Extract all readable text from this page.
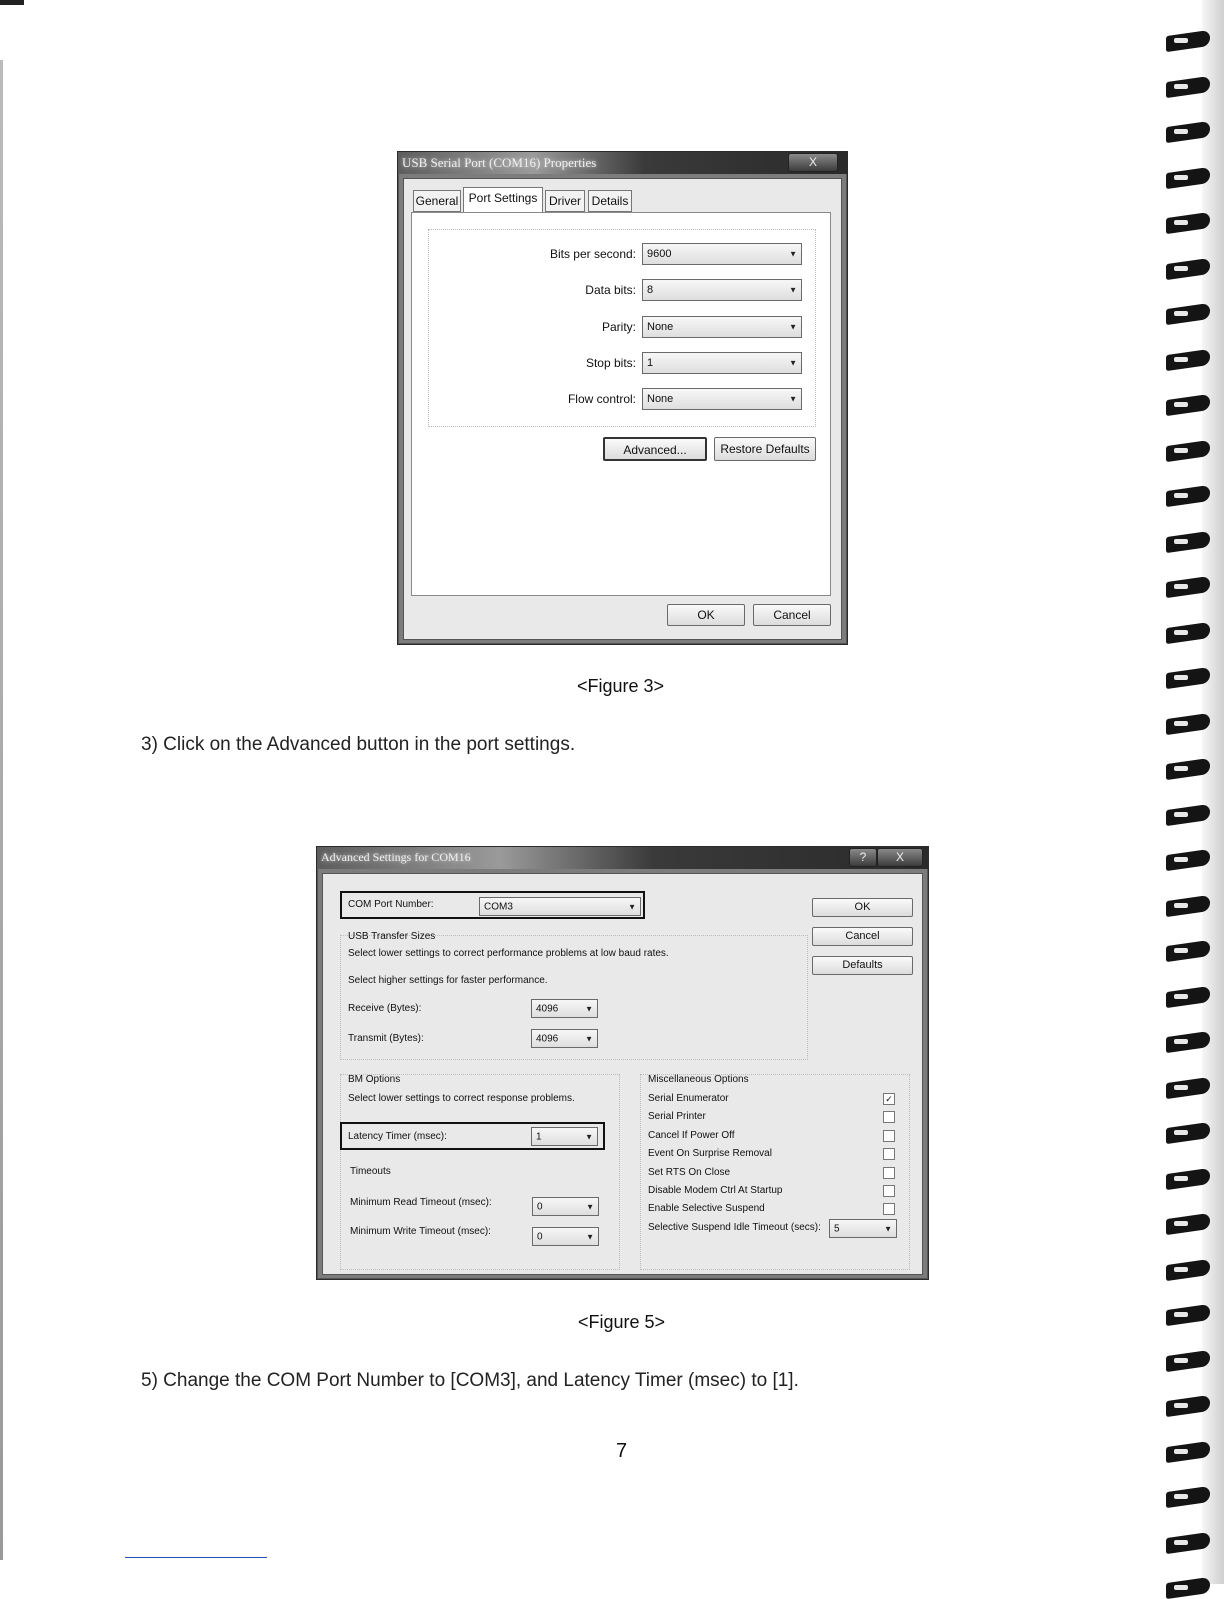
USB Serial Port (COM16) Properties	X
General Port Settings Driver Details
Bits per second: 9600	▼
Data bits: 8	▼
Parity: None	▼
Stop bits: 1	▼
Flow control: None	▼
Advanced...	Restore Defaults
OK	Cancel
<Figure 3>
3) Click on the Advanced button in the port settings.
Advanced Settings for COM16	?	X
COM Port Number:	COM3	▼	OK
Cancel
Defaults
USB Transfer Sizes
Select lower settings to correct performance problems at low baud rates.
Select higher settings for faster performance.
Receive (Bytes):	4096	▼
Transmit (Bytes):	4096	▼
BM Options
Select lower settings to correct response problems.
Latency Timer (msec):	1	▼
Timeouts
Minimum Read Timeout (msec):	0	▼
Minimum Write Timeout (msec):	0	▼
Miscellaneous Options
Serial Enumerator	✓
Serial Printer
Cancel If Power Off
Event On Surprise Removal
Set RTS On Close
Disable Modem Ctrl At Startup
Enable Selective Suspend
Selective Suspend Idle Timeout (secs): 5	▼
<Figure 5>
5) Change the COM Port Number to [COM3], and Latency Timer (msec) to [1].
7
